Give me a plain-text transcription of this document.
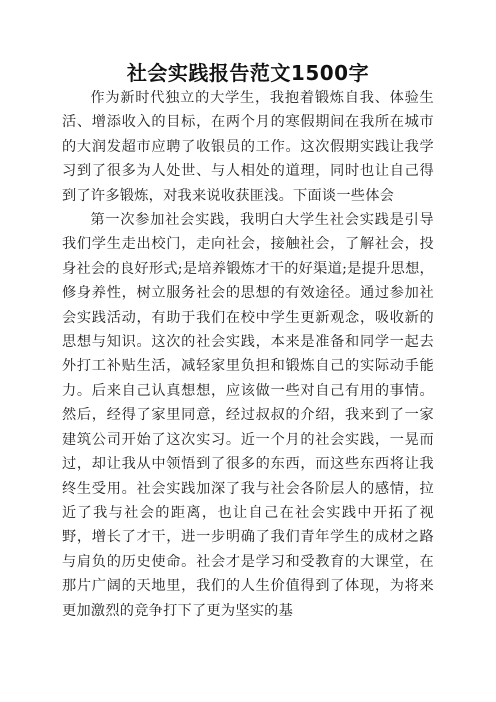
社会实践报告范文1500字

作为新时代独立的大学生，我抱着锻炼自我、体验生活、增添收入的目标，在两个月的寒假期间在我所在城市的大润发超市应聘了收银员的工作。这次假期实践让我学习到了很多为人处世、与人相处的道理，同时也让自己得到了许多锻炼，对我来说收获匪浅。下面谈一些体会

第一次参加社会实践，我明白大学生社会实践是引导我们学生走出校门，走向社会，接触社会，了解社会，投身社会的良好形式;是培养锻炼才干的好渠道;是提升思想，修身养性，树立服务社会的思想的有效途径。通过参加社会实践活动，有助于我们在校中学生更新观念，吸收新的思想与知识。这次的社会实践，本来是准备和同学一起去外打工补贴生活，减轻家里负担和锻炼自己的实际动手能力。后来自己认真想想，应该做一些对自己有用的事情。然后，经得了家里同意，经过叔叔的介绍，我来到了一家建筑公司开始了这次实习。近一个月的社会实践，一晃而过，却让我从中领悟到了很多的东西，而这些东西将让我终生受用。社会实践加深了我与社会各阶层人的感情，拉近了我与社会的距离，也让自己在社会实践中开拓了视野，增长了才干，进一步明确了我们青年学生的成材之路与肩负的历史使命。社会才是学习和受教育的大课堂，在那片广阔的天地里，我们的人生价值得到了体现，为将来更加激烈的竞争打下了更为坚实的基
